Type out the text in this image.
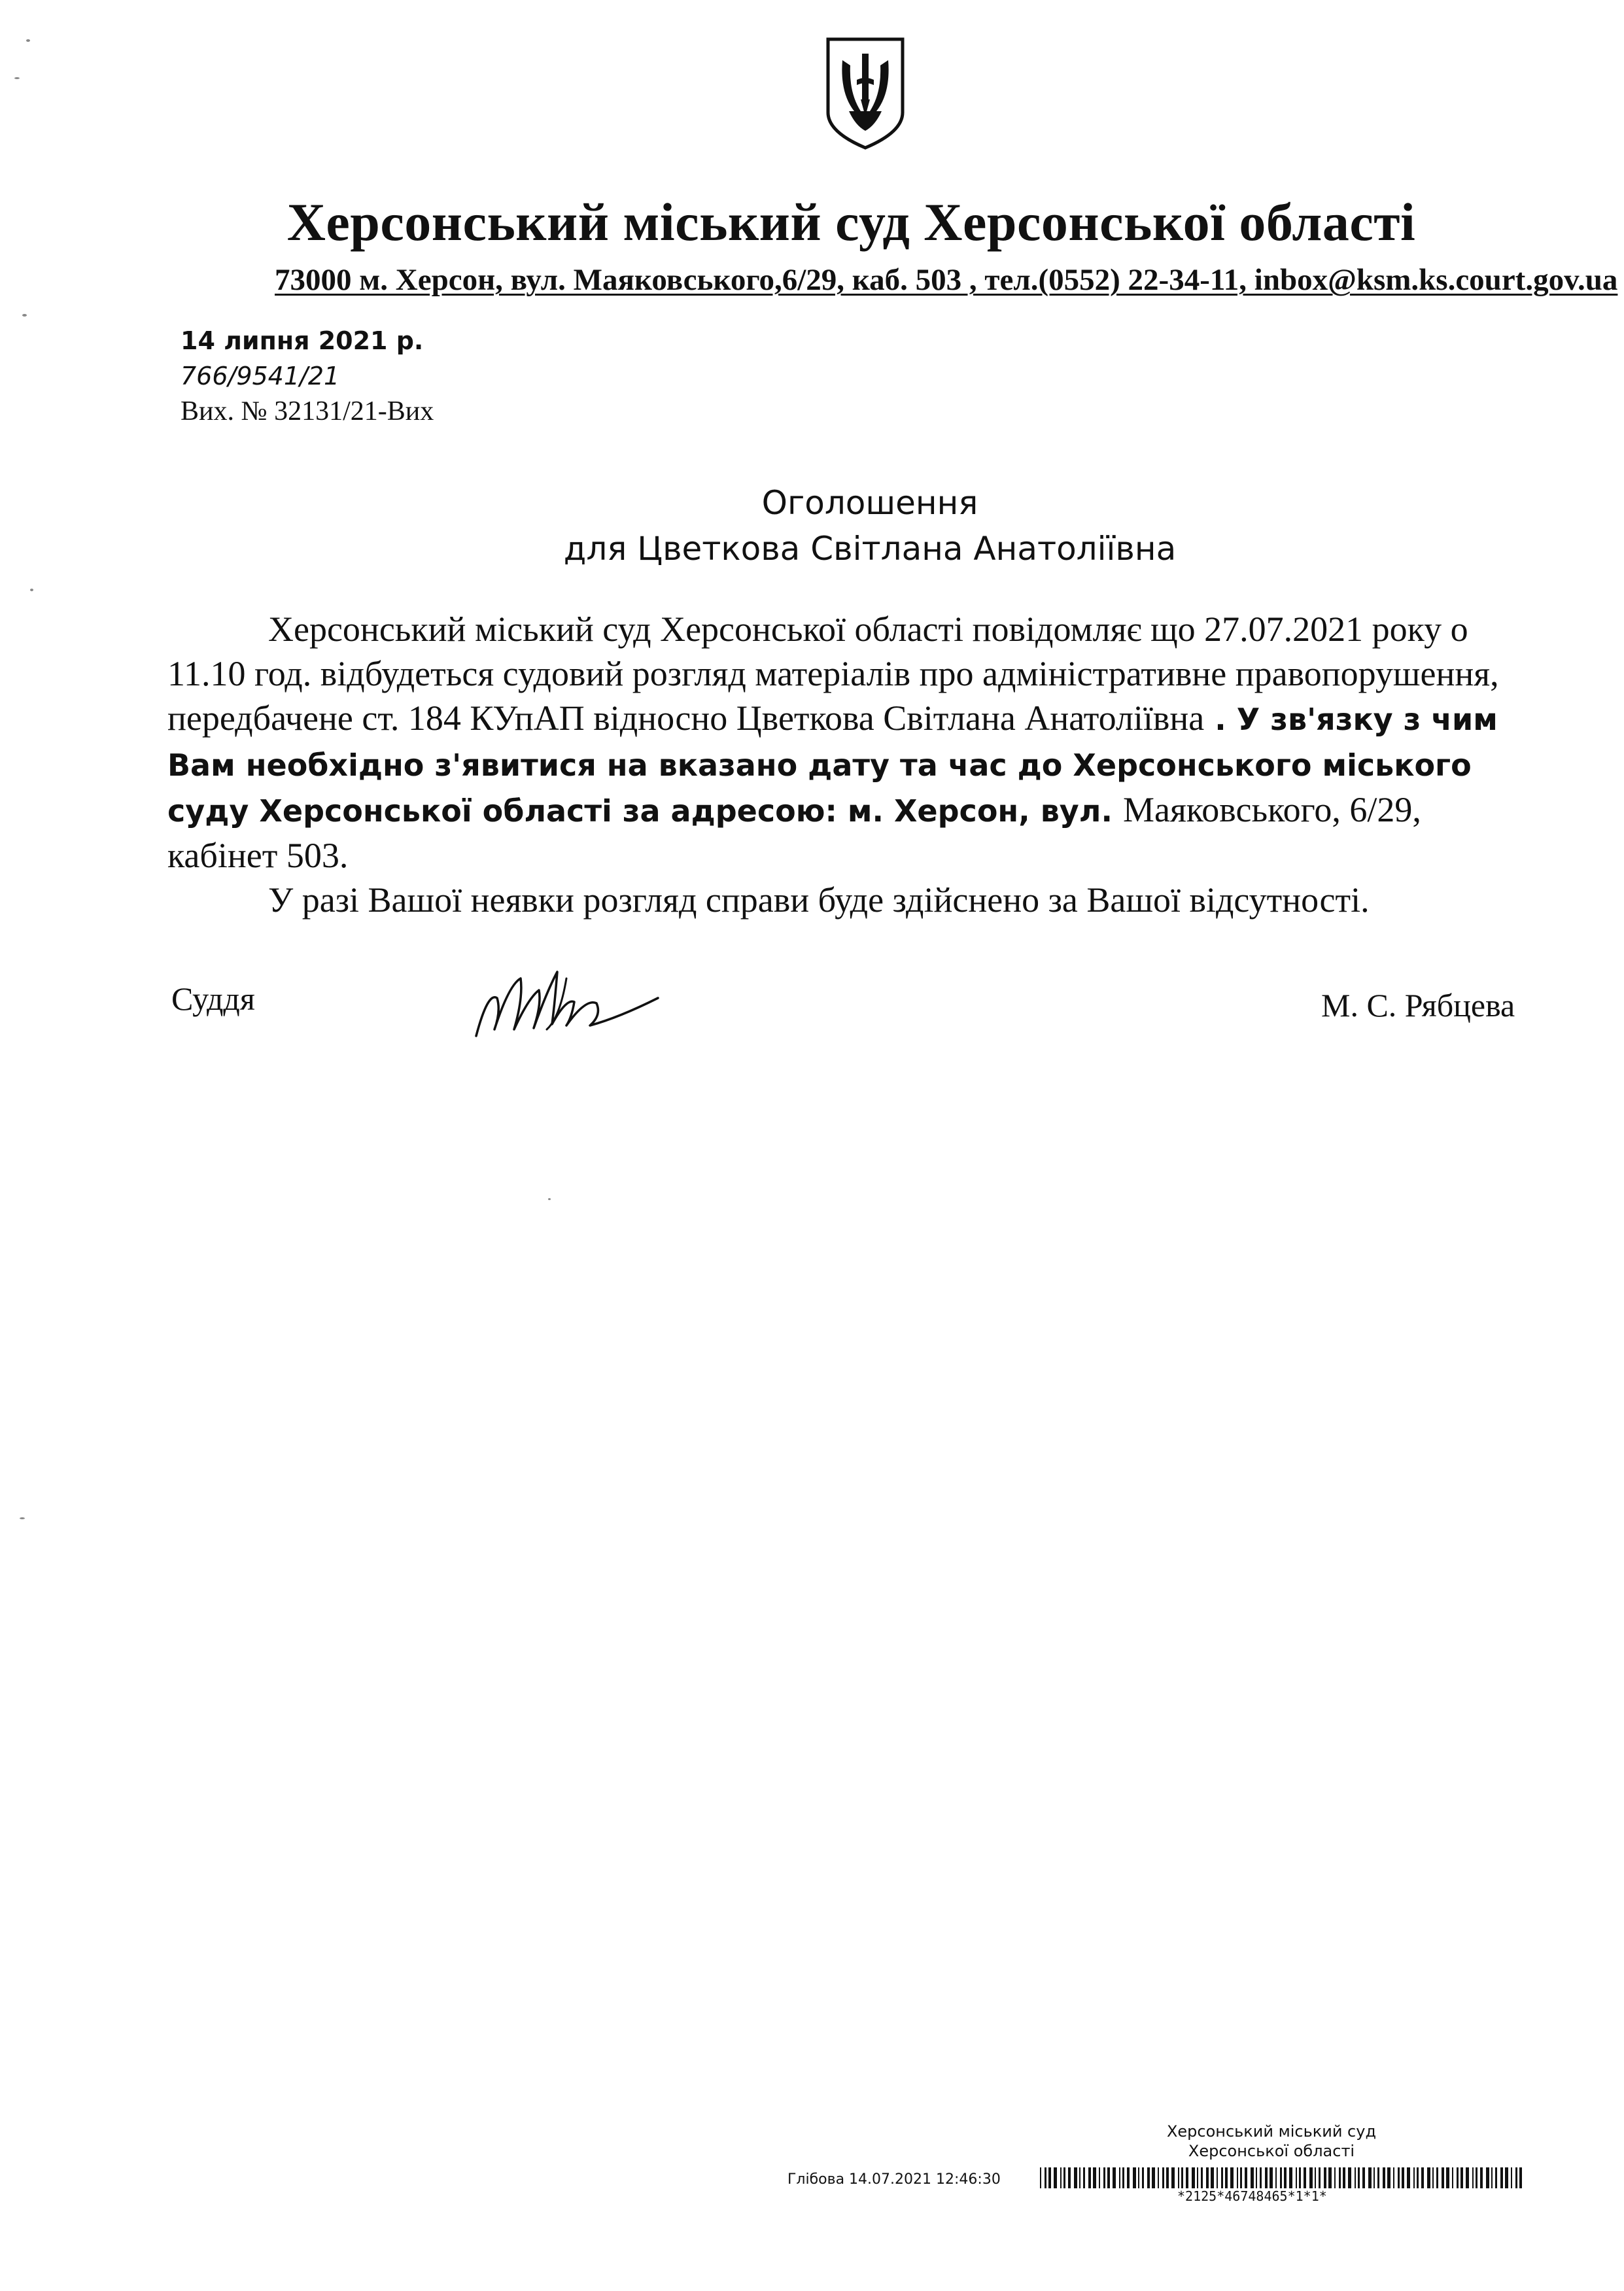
Херсонський міський суд Херсонської області
73000 м. Херсон, вул. Маяковського,6/29, каб. 503 , тел.(0552) 22-34-11, inbox@ksm.ks.court.gov.ua
14 липня 2021 р.
766/9541/21
Вих. № 32131/21-Вих
Оголошення
для Цветкова Світлана Анатоліївна

Херсонський міський суд Херсонської області повідомляє що 27.07.2021 року о 11.10 год. відбудеться судовий розгляд матеріалів про адміністративне правопорушення, передбачене ст. 184 КУпАП відносно Цветкова Світлана Анатоліївна . У зв'язку з чим Вам необхідно з'явитися на вказано дату та час до Херсонського міського суду Херсонської області за адресою: м. Херсон, вул. Маяковського, 6/29, кабінет 503.

У разі Вашої неявки розгляд справи буде здійснено за Вашої відсутності.

Суддя	М. С. Рябцева
Херсонський міський суд Херсонської області
Глібова 14.07.2021 12:46:30
*2125*46748465*1*1*
